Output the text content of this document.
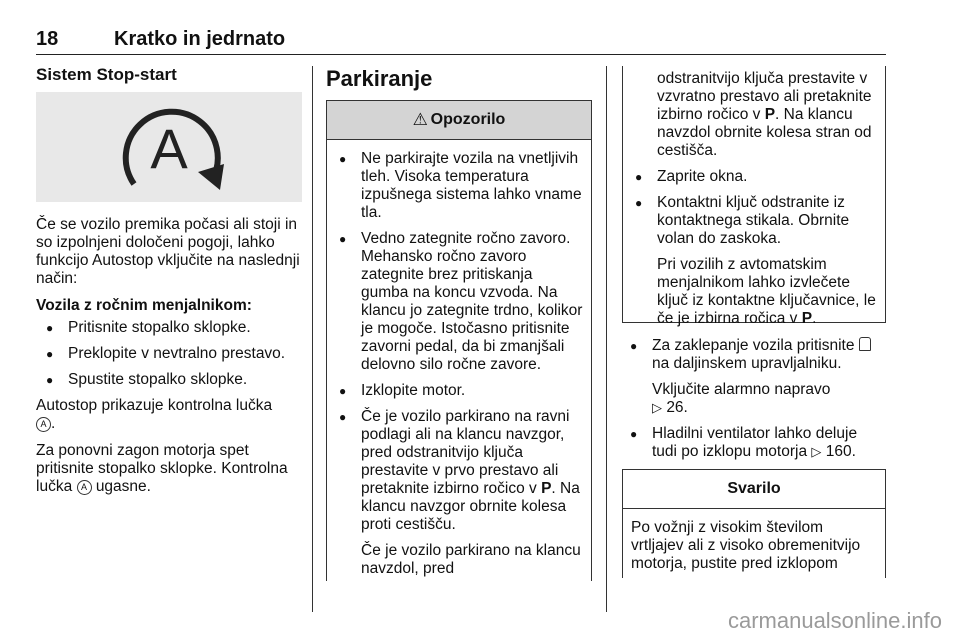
18	Kratko in jedrnato
Sistem Stop-start
A

Če se vozilo premika počasi ali stoji in so izpolnjeni določeni pogoji, lahko funkcijo Autostop vključite na naslednji način:

Vozila z ročnim menjalnikom:
● Pritisnite stopalko sklopke.
● Preklopite v nevtralno prestavo.
● Spustite stopalko sklopke.

Autostop prikazuje kontrolna lučka
A .

Za ponovni zagon motorja spet pritisnite stopalko sklopke. Kontrolna lučka A ugasne.

Parkiranje
⚠ Opozorilo
● Ne parkirajte vozila na vnetljivih tleh. Visoka temperatura izpušnega sistema lahko vname tla.
● Vedno zategnite ročno zavoro. Mehansko ročno zavoro zategnite brez pritiskanja gumba na koncu vzvoda. Na klancu jo zategnite trdno, kolikor je mogoče. Istočasno pritisnite zavorni pedal, da bi zmanjšali delovno silo ročne zavore.
● Izklopite motor.
● Če je vozilo parkirano na ravni podlagi ali na klancu navzgor, pred odstranitvijo ključa prestavite v prvo prestavo ali pretaknite izbirno ročico v P. Na klancu navzgor obrnite kolesa proti cestišču.
Če je vozilo parkirano na klancu navzdol, pred
odstranitvijo ključa prestavite v vzvratno prestavo ali pretaknite izbirno ročico v P. Na klancu navzdol obrnite kolesa stran od cestišča.
● Zaprite okna.
● Kontaktni ključ odstranite iz kontaktnega stikala. Obrnite volan do zaskoka.
Pri vozilih z avtomatskim menjalnikom lahko izvlečete ključ iz kontaktne ključavnice, le če je izbirna ročica v P.
● Za zaklepanje vozila pritisnite  na daljinskem upravljalniku.
Vključite alarmno napravo
▷ 26.
● Hladilni ventilator lahko deluje tudi po izklopu motorja ▷ 160.
Svarilo
Po vožnji z visokim številom vrtljajev ali z visoko obremenitvijo motorja, pustite pred izklopom
carmanualsonline.info
